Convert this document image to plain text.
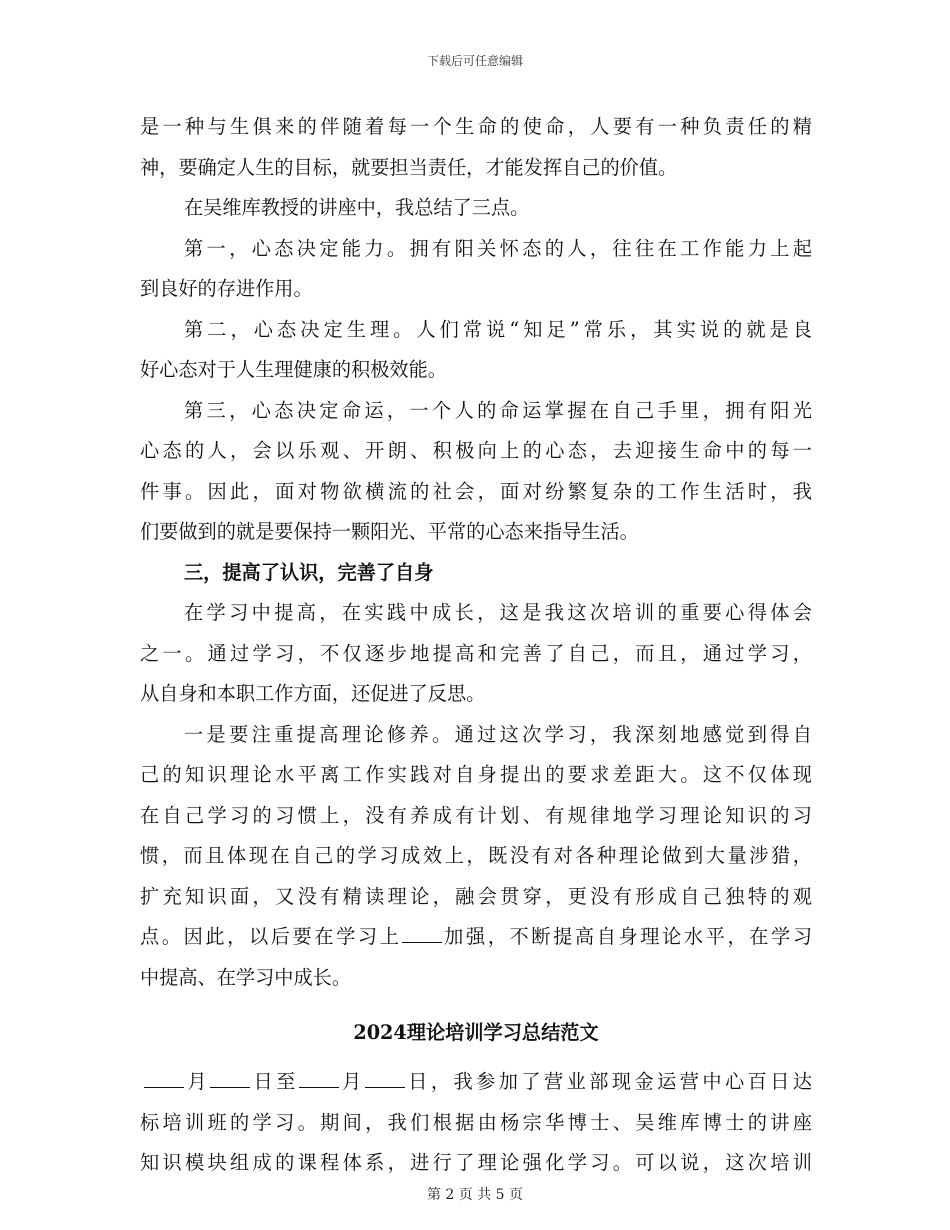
下载后可任意编辑
是一种与生俱来的伴随着每一个生命的使命，人要有一种负责任的精
神，要确定人生的目标，就要担当责任，才能发挥自己的价值。
在吴维库教授的讲座中，我总结了三点。
第一，心态决定能力。拥有阳关怀态的人，往往在工作能力上起
到良好的存进作用。
第二，心态决定生理。人们常说“知足”常乐，其实说的就是良
好心态对于人生理健康的积极效能。
第三，心态决定命运，一个人的命运掌握在自己手里，拥有阳光
心态的人，会以乐观、开朗、积极向上的心态，去迎接生命中的每一
件事。因此，面对物欲横流的社会，面对纷繁复杂的工作生活时，我
们要做到的就是要保持一颗阳光、平常的心态来指导生活。
三，提高了认识，完善了自身
在学习中提高，在实践中成长，这是我这次培训的重要心得体会
之一。通过学习，不仅逐步地提高和完善了自己，而且，通过学习，
从自身和本职工作方面，还促进了反思。
一是要注重提高理论修养。通过这次学习，我深刻地感觉到得自
己的知识理论水平离工作实践对自身提出的要求差距大。这不仅体现
在自己学习的习惯上，没有养成有计划、有规律地学习理论知识的习
惯，而且体现在自己的学习成效上，既没有对各种理论做到大量涉猎，
扩充知识面，又没有精读理论，融会贯穿，更没有形成自己独特的观
点。因此，以后要在学习上 加强，不断提高自身理论水平，在学习
中提高、在学习中成长。
2024理论培训学习总结范文
月 日至 月 日，我参加了营业部现金运营中心百日达
标培训班的学习。期间，我们根据由杨宗华博士、吴维库博士的讲座
知识模块组成的课程体系，进行了理论强化学习。可以说，这次培训
第 2 页 共 5 页
